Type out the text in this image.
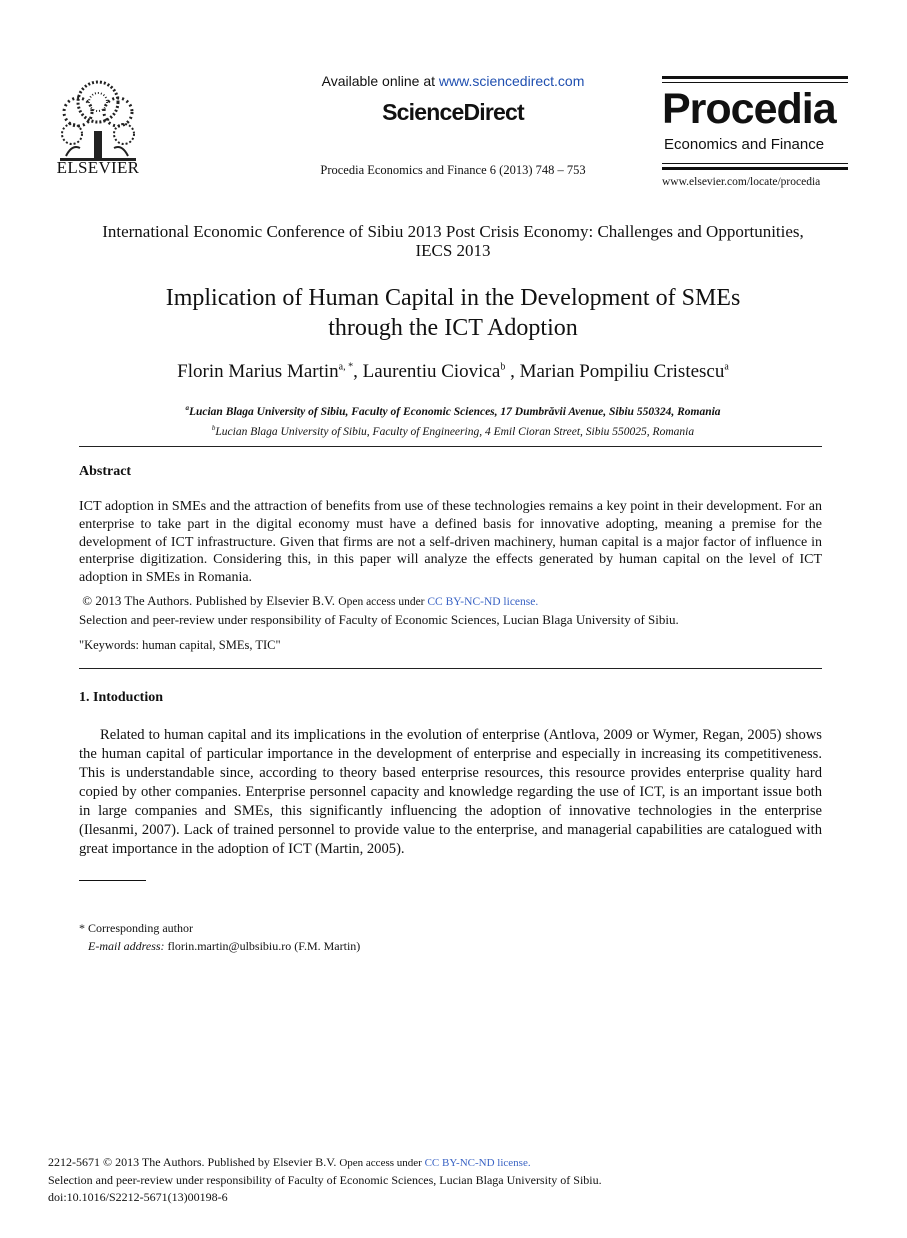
ELSEVIER
Available online at www.sciencedirect.com
ScienceDirect
Procedia Economics and Finance 6 (2013) 748 – 753
Procedia
Economics and Finance
www.elsevier.com/locate/procedia
International Economic Conference of Sibiu 2013 Post Crisis Economy: Challenges and Opportunities, IECS 2013
Implication of Human Capital in the Development of SMEs
through the ICT Adoption
Florin Marius Martin$^{a, *}$, Laurentiu Ciovica$^b$ , Marian Pompiliu Cristescu$^a$
$^a$Lucian Blaga University of Sibiu, Faculty of Economic Sciences, 17 Dumbrăvii Avenue, Sibiu 550324, Romania
$^b$Lucian Blaga University of Sibiu, Faculty of Engineering, 4 Emil Cioran Street, Sibiu 550025, Romania
Abstract
ICT adoption in SMEs and the attraction of benefits from use of these technologies remains a key point in their development. For an enterprise to take part in the digital economy must have a defined basis for innovative adopting, meaning a premise for the development of ICT infrastructure. Given that firms are not a self-driven machinery, human capital is a major factor of influence in enterprise digitization. Considering this, in this paper will analyze the effects generated by human capital on the level of ICT adoption in SMEs in Romania.
© 2013 The Authors. Published by Elsevier B.V. Open access under CC BY-NC-ND license.
Selection and peer-review under responsibility of Faculty of Economic Sciences, Lucian Blaga University of Sibiu.
"Keywords: human capital, SMEs, TIC"
1. Intoduction
Related to human capital and its implications in the evolution of enterprise (Antlova, 2009 or Wymer, Regan, 2005) shows the human capital of particular importance in the development of enterprise and especially in increasing its competitiveness. This is understandable since, according to theory based enterprise resources, this resource provides enterprise quality hard copied by other companies. Enterprise personnel capacity and knowledge regarding the use of ICT, is an important issue both in large companies and SMEs, this significantly influencing the adoption of innovative technologies in the enterprise (Ilesanmi, 2007). Lack of trained personnel to provide value to the enterprise, and managerial capabilities are catalogued with great importance in the adoption of ICT (Martin, 2005).
* Corresponding author
E-mail address: florin.martin@ulbsibiu.ro (F.M. Martin)
2212-5671 © 2013 The Authors. Published by Elsevier B.V. Open access under CC BY-NC-ND license.
Selection and peer-review under responsibility of Faculty of Economic Sciences, Lucian Blaga University of Sibiu.
doi:10.1016/S2212-5671(13)00198-6
